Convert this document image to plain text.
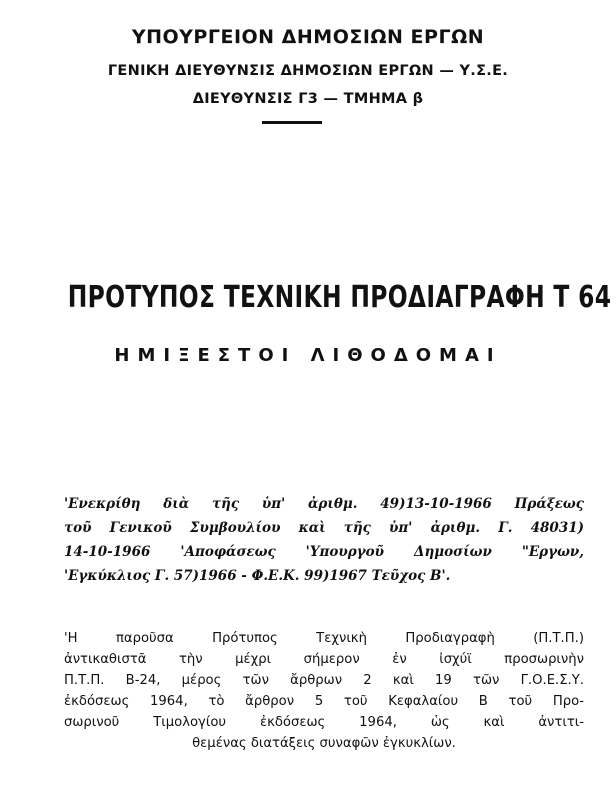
ΥΠΟΥΡΓΕΙΟΝ ΔΗΜΟΣΙΩΝ ΕΡΓΩΝ
ΓΕΝΙΚΗ ΔΙΕΥΘΥΝΣΙΣ ΔΗΜΟΣΙΩΝ ΕΡΓΩΝ — Υ.Σ.Ε.
ΔΙΕΥΘΥΝΣΙΣ Γ3 — ΤΜΗΜΑ β
ΠΡΟΤΥΠΟΣ ΤΕΧΝΙΚΗ ΠΡΟΔΙΑΓΡΑΦΗ Τ 64
ΗΜΙΞΕΣΤΟΙ ΛΙΘΟΔΟΜΑΙ
'Ενεκρίθη διὰ τῆς ὑπ' ἀριθμ. 49)13-10-1966 Πράξεως
τοῦ Γενικοῦ Συμβουλίου καὶ τῆς ὑπ' ἀριθμ. Γ. 48031)
14-10-1966 'Αποφάσεως 'Υπουργοῦ Δημοσίων "Εργων,
'Εγκύκλιος Γ. 57)1966 - Φ.Ε.Κ. 99)1967 Τεῦχος Β'.
'Η παροῦσα Πρότυπος Τεχνικὴ Προδιαγραφὴ (Π.Τ.Π.)
ἀντικαθιστᾶ τὴν μέχρι σήμερον ἐν ἰσχύϊ προσωρινὴν
Π.Τ.Π. Β-24, μέρος τῶν ἄρθρων 2 καὶ 19 τῶν Γ.Ο.Ε.Σ.Υ.
ἐκδόσεως 1964, τὸ ἄρθρον 5 τοῦ Κεφαλαίου Β τοῦ Προ-
σωρινοῦ Τιμολογίου ἐκδόσεως 1964, ὡς καὶ ἀντιτι-
θεμένας διατάξεις συναφῶν ἐγκυκλίων.
